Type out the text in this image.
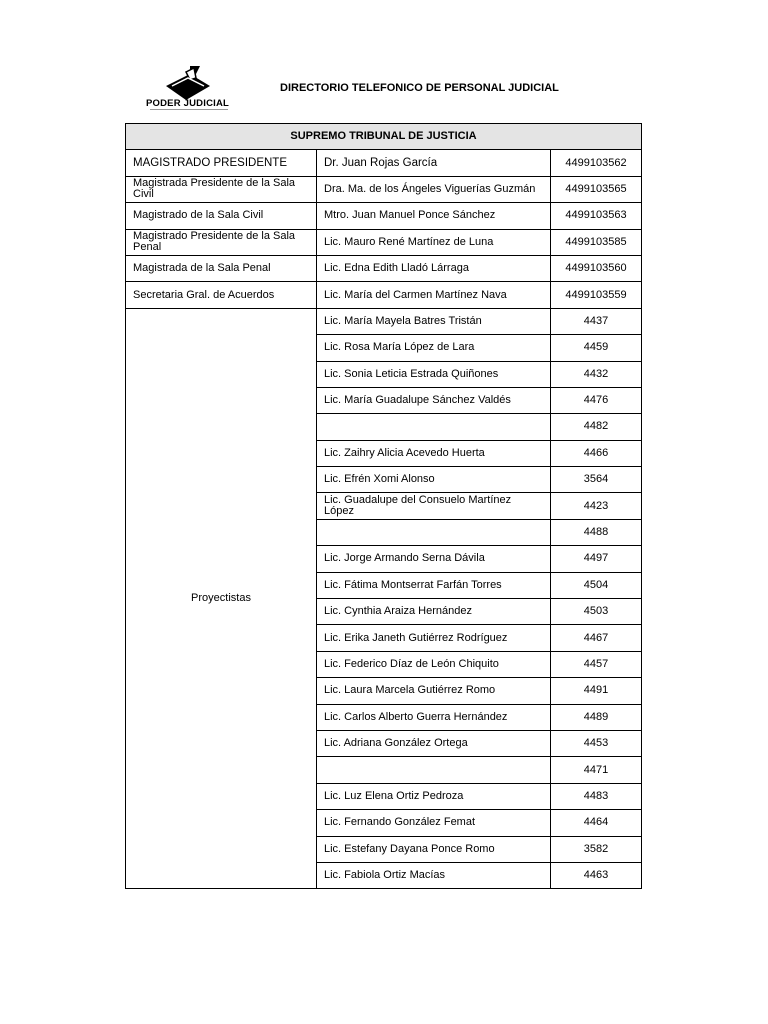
PODER JUDICIAL
DIRECTORIO TELEFONICO DE PERSONAL JUDICIAL
SUPREMO TRIBUNAL DE JUSTICIA		
MAGISTRADO PRESIDENTE	Dr. Juan Rojas García	4499103562
Magistrada Presidente de la Sala Civil	Dra. Ma. de los Ángeles Viguerías Guzmán	4499103565
Magistrado de la Sala Civil	Mtro. Juan Manuel Ponce Sánchez	4499103563
Magistrado Presidente de la Sala Penal	Lic. Mauro René Martínez de Luna	4499103585
Magistrada de la Sala Penal	Lic. Edna Edith Lladó Lárraga	4499103560
Secretaria Gral. de Acuerdos	Lic. María del Carmen Martínez Nava	4499103559
Proyectistas	Lic. María Mayela Batres Tristán	4437
	Lic. Rosa María López de Lara	4459
	Lic. Sonia Leticia Estrada Quiñones	4432
	Lic. María Guadalupe Sánchez Valdés	4476
		4482
	Lic. Zaihry Alicia Acevedo Huerta	4466
	Lic. Efrén Xomi Alonso	3564
	Lic. Guadalupe del Consuelo Martínez López	4423
		4488
	Lic. Jorge Armando Serna Dávila	4497
	Lic. Fátima Montserrat Farfán Torres	4504
	Lic. Cynthia Araiza Hernández	4503
	Lic. Erika Janeth Gutiérrez Rodríguez	4467
	Lic. Federico Díaz de León Chiquito	4457
	Lic. Laura Marcela Gutiérrez Romo	4491
	Lic. Carlos Alberto Guerra Hernández	4489
	Lic. Adriana González Ortega	4453
		4471
	Lic. Luz Elena Ortiz Pedroza	4483
	Lic. Fernando González Femat	4464
	Lic. Estefany Dayana Ponce Romo	3582
	Lic. Fabiola Ortiz Macías	4463
